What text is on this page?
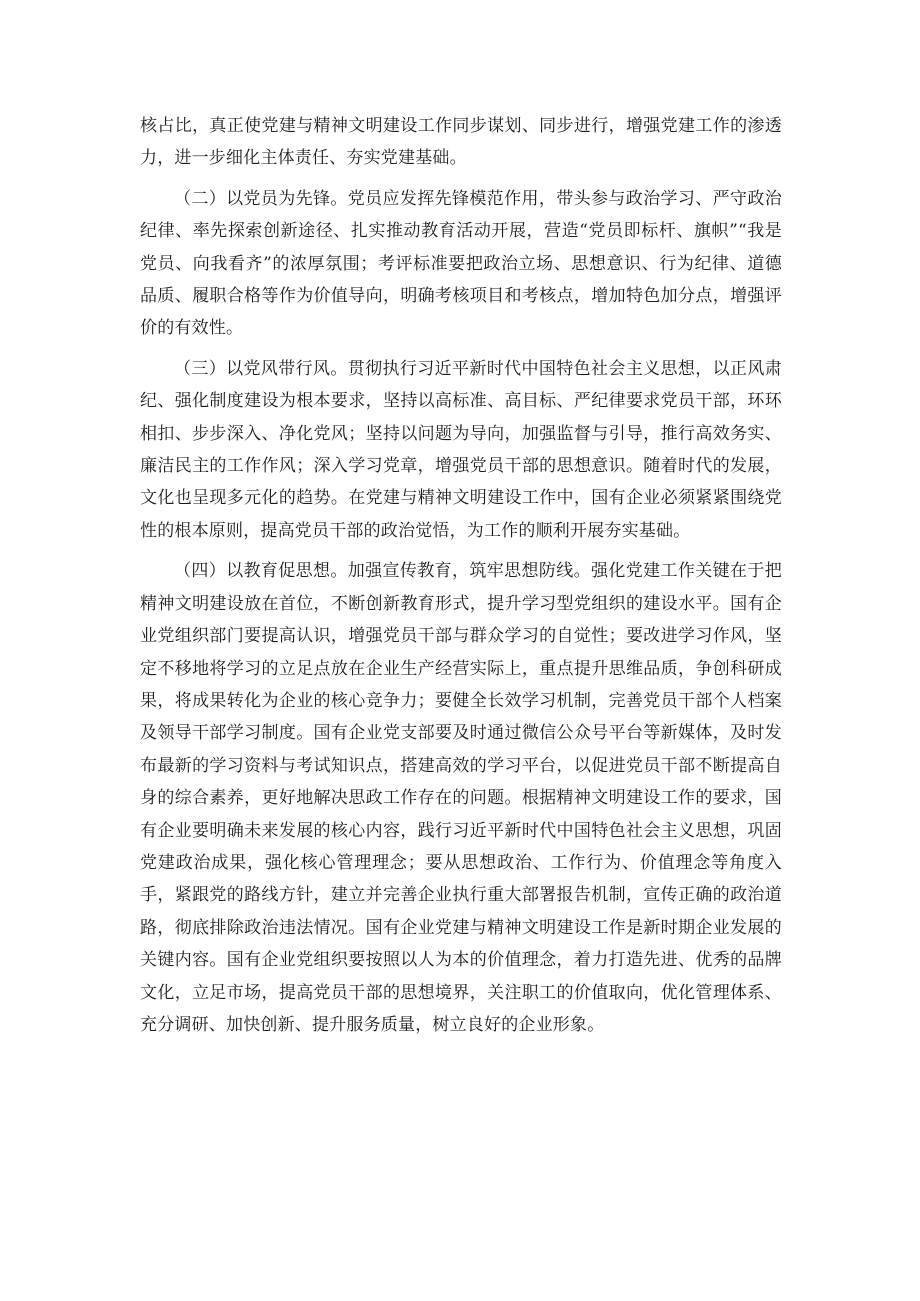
核占比，真正使党建与精神文明建设工作同步谋划、同步进行，增强党建工作的渗透力，进一步细化主体责任、夯实党建基础。

（二）以党员为先锋。党员应发挥先锋模范作用，带头参与政治学习、严守政治纪律、率先探索创新途径、扎实推动教育活动开展，营造“党员即标杆、旗帜”“我是党员、向我看齐”的浓厚氛围；考评标准要把政治立场、思想意识、行为纪律、道德品质、履职合格等作为价值导向，明确考核项目和考核点，增加特色加分点，增强评价的有效性。

（三）以党风带行风。贯彻执行习近平新时代中国特色社会主义思想，以正风肃纪、强化制度建设为根本要求，坚持以高标准、高目标、严纪律要求党员干部，环环相扣、步步深入、净化党风；坚持以问题为导向，加强监督与引导，推行高效务实、廉洁民主的工作作风；深入学习党章，增强党员干部的思想意识。随着时代的发展，文化也呈现多元化的趋势。在党建与精神文明建设工作中，国有企业必须紧紧围绕党性的根本原则，提高党员干部的政治觉悟，为工作的顺利开展夯实基础。

（四）以教育促思想。加强宣传教育，筑牢思想防线。强化党建工作关键在于把精神文明建设放在首位，不断创新教育形式，提升学习型党组织的建设水平。国有企业党组织部门要提高认识，增强党员干部与群众学习的自觉性；要改进学习作风，坚定不移地将学习的立足点放在企业生产经营实际上，重点提升思维品质，争创科研成果，将成果转化为企业的核心竞争力；要健全长效学习机制，完善党员干部个人档案及领导干部学习制度。国有企业党支部要及时通过微信公众号平台等新媒体，及时发布最新的学习资料与考试知识点，搭建高效的学习平台，以促进党员干部不断提高自身的综合素养，更好地解决思政工作存在的问题。根据精神文明建设工作的要求，国有企业要明确未来发展的核心内容，践行习近平新时代中国特色社会主义思想，巩固党建政治成果，强化核心管理理念；要从思想政治、工作行为、价值理念等角度入手，紧跟党的路线方针，建立并完善企业执行重大部署报告机制，宣传正确的政治道路，彻底排除政治违法情况。国有企业党建与精神文明建设工作是新时期企业发展的关键内容。国有企业党组织要按照以人为本的价值理念，着力打造先进、优秀的品牌文化，立足市场，提高党员干部的思想境界，关注职工的价值取向，优化管理体系、充分调研、加快创新、提升服务质量，树立良好的企业形象。
